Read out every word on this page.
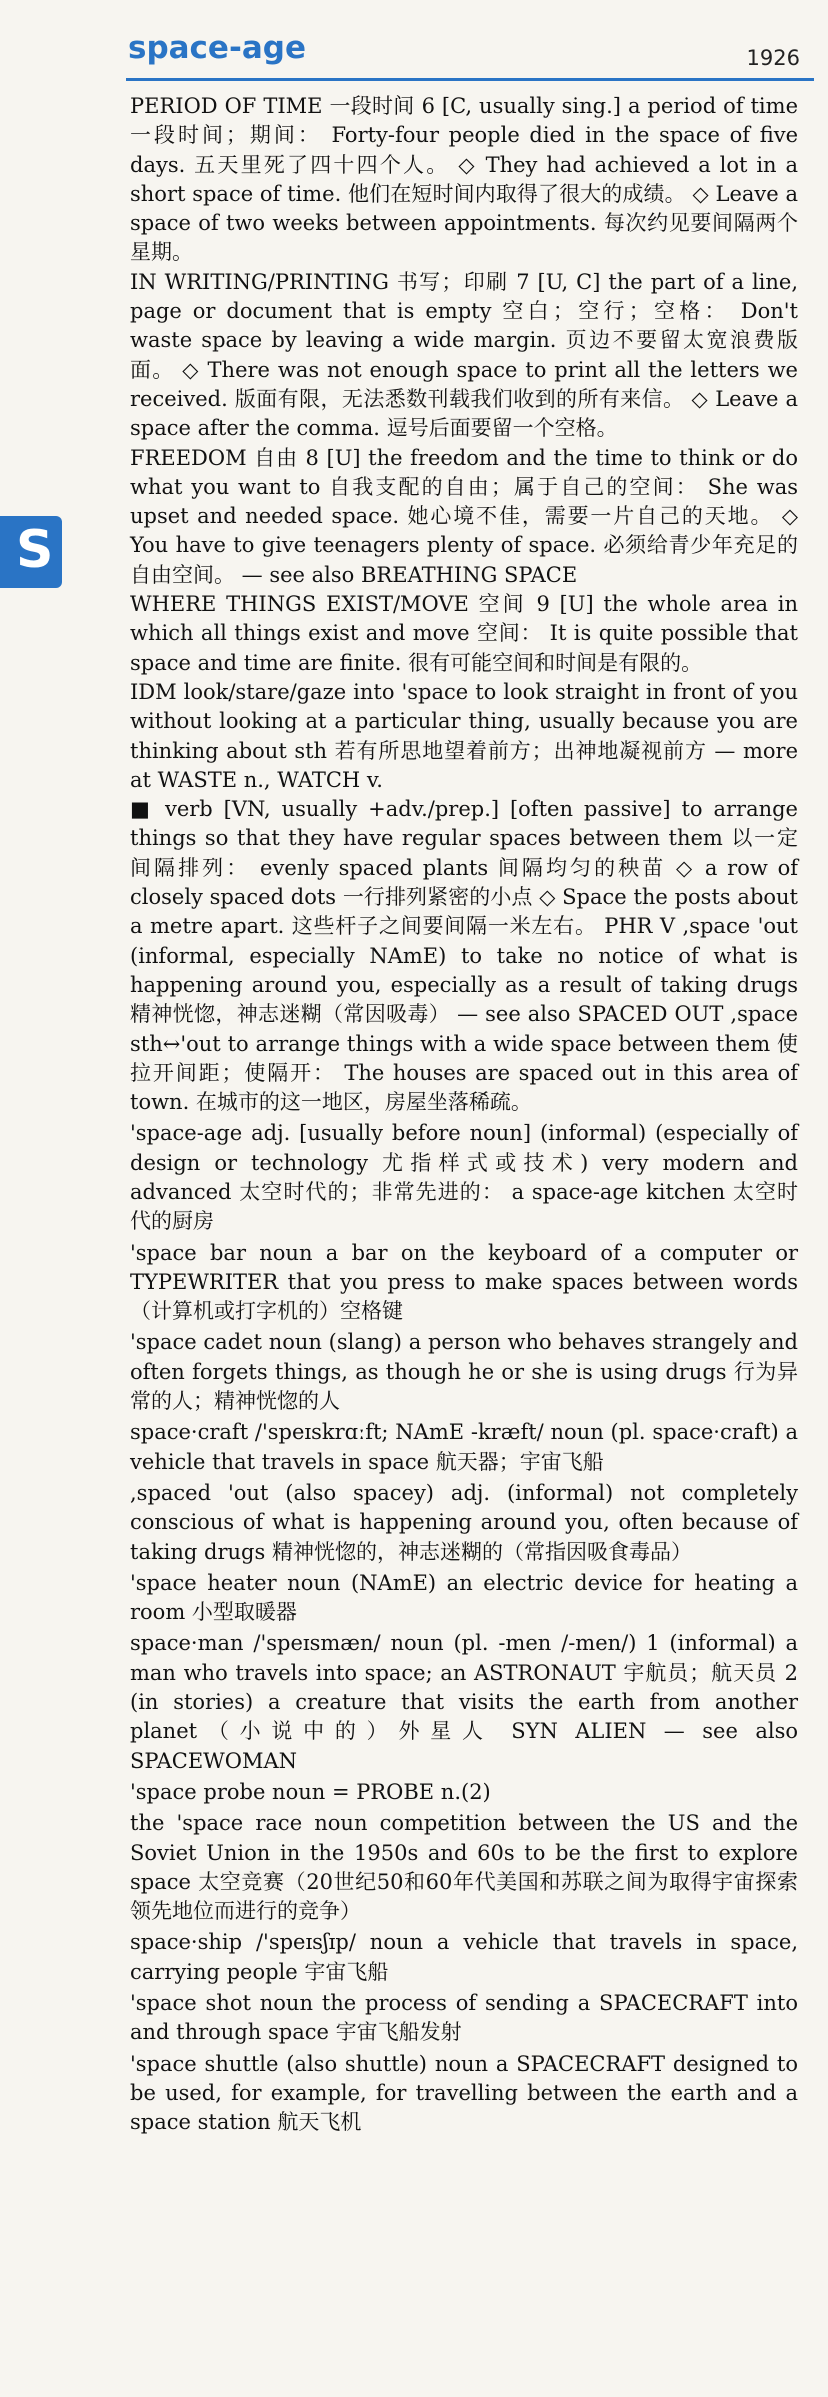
space-age	1926
S
PERIOD OF TIME 一段时间 6 [C, usually sing.] a period of time 一段时间；期间： Forty-four people died in the space of five days. 五天里死了四十四个人。 ◇ They had achieved a lot in a short space of time. 他们在短时间内取得了很大的成绩。 ◇ Leave a space of two weeks between appointments. 每次约见要间隔两个星期。
IN WRITING/PRINTING 书写；印刷 7 [U, C] the part of a line, page or document that is empty 空白；空行；空格： Don't waste space by leaving a wide margin. 页边不要留太宽浪费版面。 ◇ There was not enough space to print all the letters we received. 版面有限，无法悉数刊载我们收到的所有来信。 ◇ Leave a space after the comma. 逗号后面要留一个空格。
FREEDOM 自由 8 [U] the freedom and the time to think or do what you want to 自我支配的自由；属于自己的空间： She was upset and needed space. 她心境不佳，需要一片自己的天地。 ◇ You have to give teenagers plenty of space. 必须给青少年充足的自由空间。 — see also BREATHING SPACE
WHERE THINGS EXIST/MOVE 空间 9 [U] the whole area in which all things exist and move 空间： It is quite possible that space and time are finite. 很有可能空间和时间是有限的。
IDM look/stare/gaze into 'space to look straight in front of you without looking at a particular thing, usually because you are thinking about sth 若有所思地望着前方；出神地凝视前方 — more at WASTE n., WATCH v.
■ verb [VN, usually +adv./prep.] [often passive] to arrange things so that they have regular spaces between them 以一定间隔排列： evenly spaced plants 间隔均匀的秧苗 ◇ a row of closely spaced dots 一行排列紧密的小点 ◇ Space the posts about a metre apart. 这些杆子之间要间隔一米左右。 PHR V ,space 'out (informal, especially NAmE) to take no notice of what is happening around you, especially as a result of taking drugs 精神恍惚，神志迷糊（常因吸毒） — see also SPACED OUT ,space sth↔'out to arrange things with a wide space between them 使拉开间距；使隔开： The houses are spaced out in this area of town. 在城市的这一地区，房屋坐落稀疏。
'space-age adj. [usually before noun] (informal) (especially of design or technology 尤指样式或技术) very modern and advanced 太空时代的；非常先进的： a space-age kitchen 太空时代的厨房
'space bar noun a bar on the keyboard of a computer or TYPEWRITER that you press to make spaces between words（计算机或打字机的）空格键
'space cadet noun (slang) a person who behaves strangely and often forgets things, as though he or she is using drugs 行为异常的人；精神恍惚的人
space·craft /'speɪskrɑːft; NAmE -kræft/ noun (pl. space·craft) a vehicle that travels in space 航天器；宇宙飞船
,spaced 'out (also spacey) adj. (informal) not completely conscious of what is happening around you, often because of taking drugs 精神恍惚的，神志迷糊的（常指因吸食毒品）
'space heater noun (NAmE) an electric device for heating a room 小型取暖器
space·man /'speɪsmæn/ noun (pl. -men /-men/) 1 (informal) a man who travels into space; an ASTRONAUT 宇航员；航天员 2 (in stories) a creature that visits the earth from another planet（小说中的）外星人 SYN ALIEN — see also SPACEWOMAN
'space probe noun = PROBE n.(2)
the 'space race noun competition between the US and the Soviet Union in the 1950s and 60s to be the first to explore space 太空竞赛（20世纪50和60年代美国和苏联之间为取得宇宙探索领先地位而进行的竞争）
space·ship /'speɪsʃɪp/ noun a vehicle that travels in space, carrying people 宇宙飞船
'space shot noun the process of sending a SPACECRAFT into and through space 宇宙飞船发射
'space shuttle (also shuttle) noun a SPACECRAFT designed to be used, for example, for travelling between the earth and a space station 航天飞机
